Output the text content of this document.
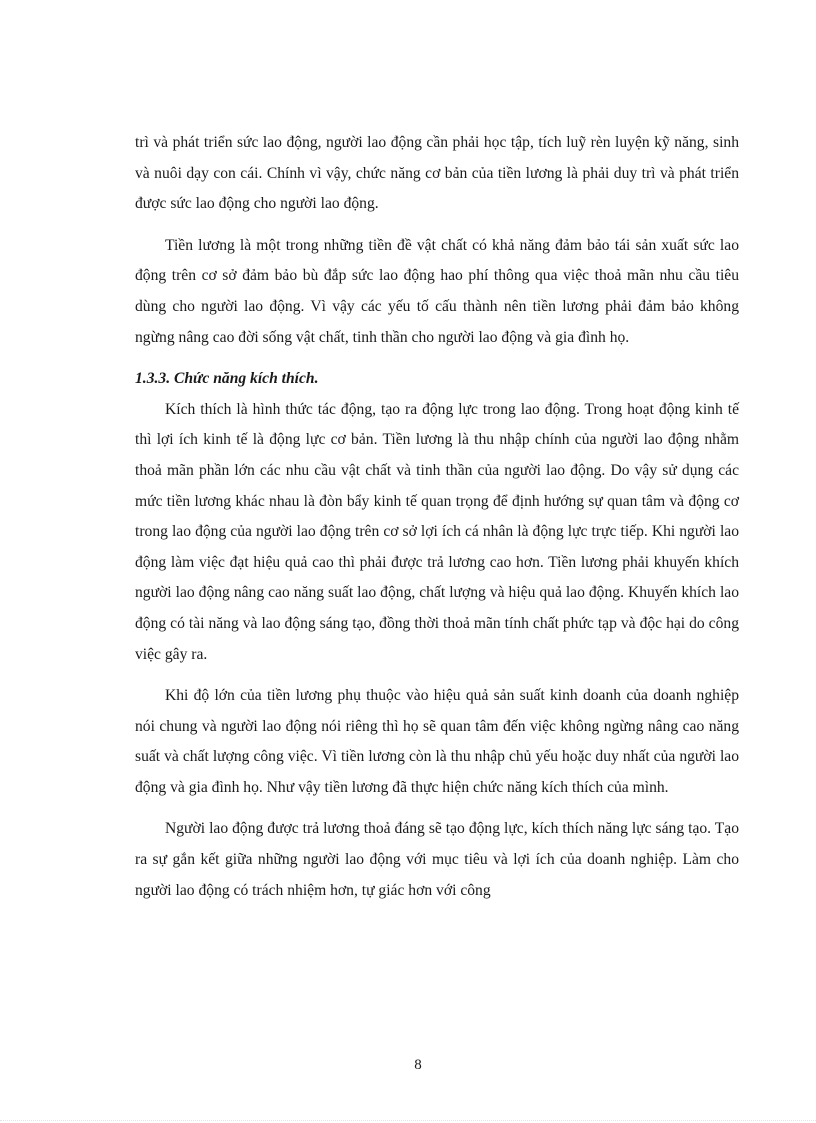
trì và phát triển sức lao động, người lao động cần phải học tập, tích luỹ rèn luyện kỹ năng, sinh và nuôi dạy con cái. Chính vì vậy, chức năng cơ bản của tiền lương là phải duy trì và phát triển được sức lao động cho người lao động.

Tiền lương là một trong những tiền đề vật chất có khả năng đảm bảo tái sản xuất sức lao động trên cơ sở đảm bảo bù đắp sức lao động hao phí thông qua việc thoả mãn nhu cầu tiêu dùng cho người lao động. Vì vậy các yếu tố cấu thành nên tiền lương phải đảm bảo không ngừng nâng cao đời sống vật chất, tinh thần cho người lao động và gia đình họ.

1.3.3. Chức năng kích thích.

Kích thích là hình thức tác động, tạo ra động lực trong lao động. Trong hoạt động kinh tế thì lợi ích kinh tế là động lực cơ bản. Tiền lương là thu nhập chính của người lao động nhằm thoả mãn phần lớn các nhu cầu vật chất và tinh thần của người lao động. Do vậy sử dụng các mức tiền lương khác nhau là đòn bẩy kinh tế quan trọng để định hướng sự quan tâm và động cơ trong lao động của người lao động trên cơ sở lợi ích cá nhân là động lực trực tiếp. Khi người lao động làm việc đạt hiệu quả cao thì phải được trả lương cao hơn. Tiền lương phải khuyến khích người lao động nâng cao năng suất lao động, chất lượng và hiệu quả lao động. Khuyến khích lao động có tài năng và lao động sáng tạo, đồng thời thoả mãn tính chất phức tạp và độc hại do công việc gây ra.

Khi độ lớn của tiền lương phụ thuộc vào hiệu quả sản suất kinh doanh của doanh nghiệp nói chung và người lao động nói riêng thì họ sẽ quan tâm đến việc không ngừng nâng cao năng suất và chất lượng công việc. Vì tiền lương còn là thu nhập chủ yếu hoặc duy nhất của người lao động và gia đình họ. Như vậy tiền lương đã thực hiện chức năng kích thích của mình.

Người lao động được trả lương thoả đáng sẽ tạo động lực, kích thích năng lực sáng tạo. Tạo ra sự gắn kết giữa những người lao động với mục tiêu và lợi ích của doanh nghiệp. Làm cho người lao động có trách nhiệm hơn, tự giác hơn với công

8
